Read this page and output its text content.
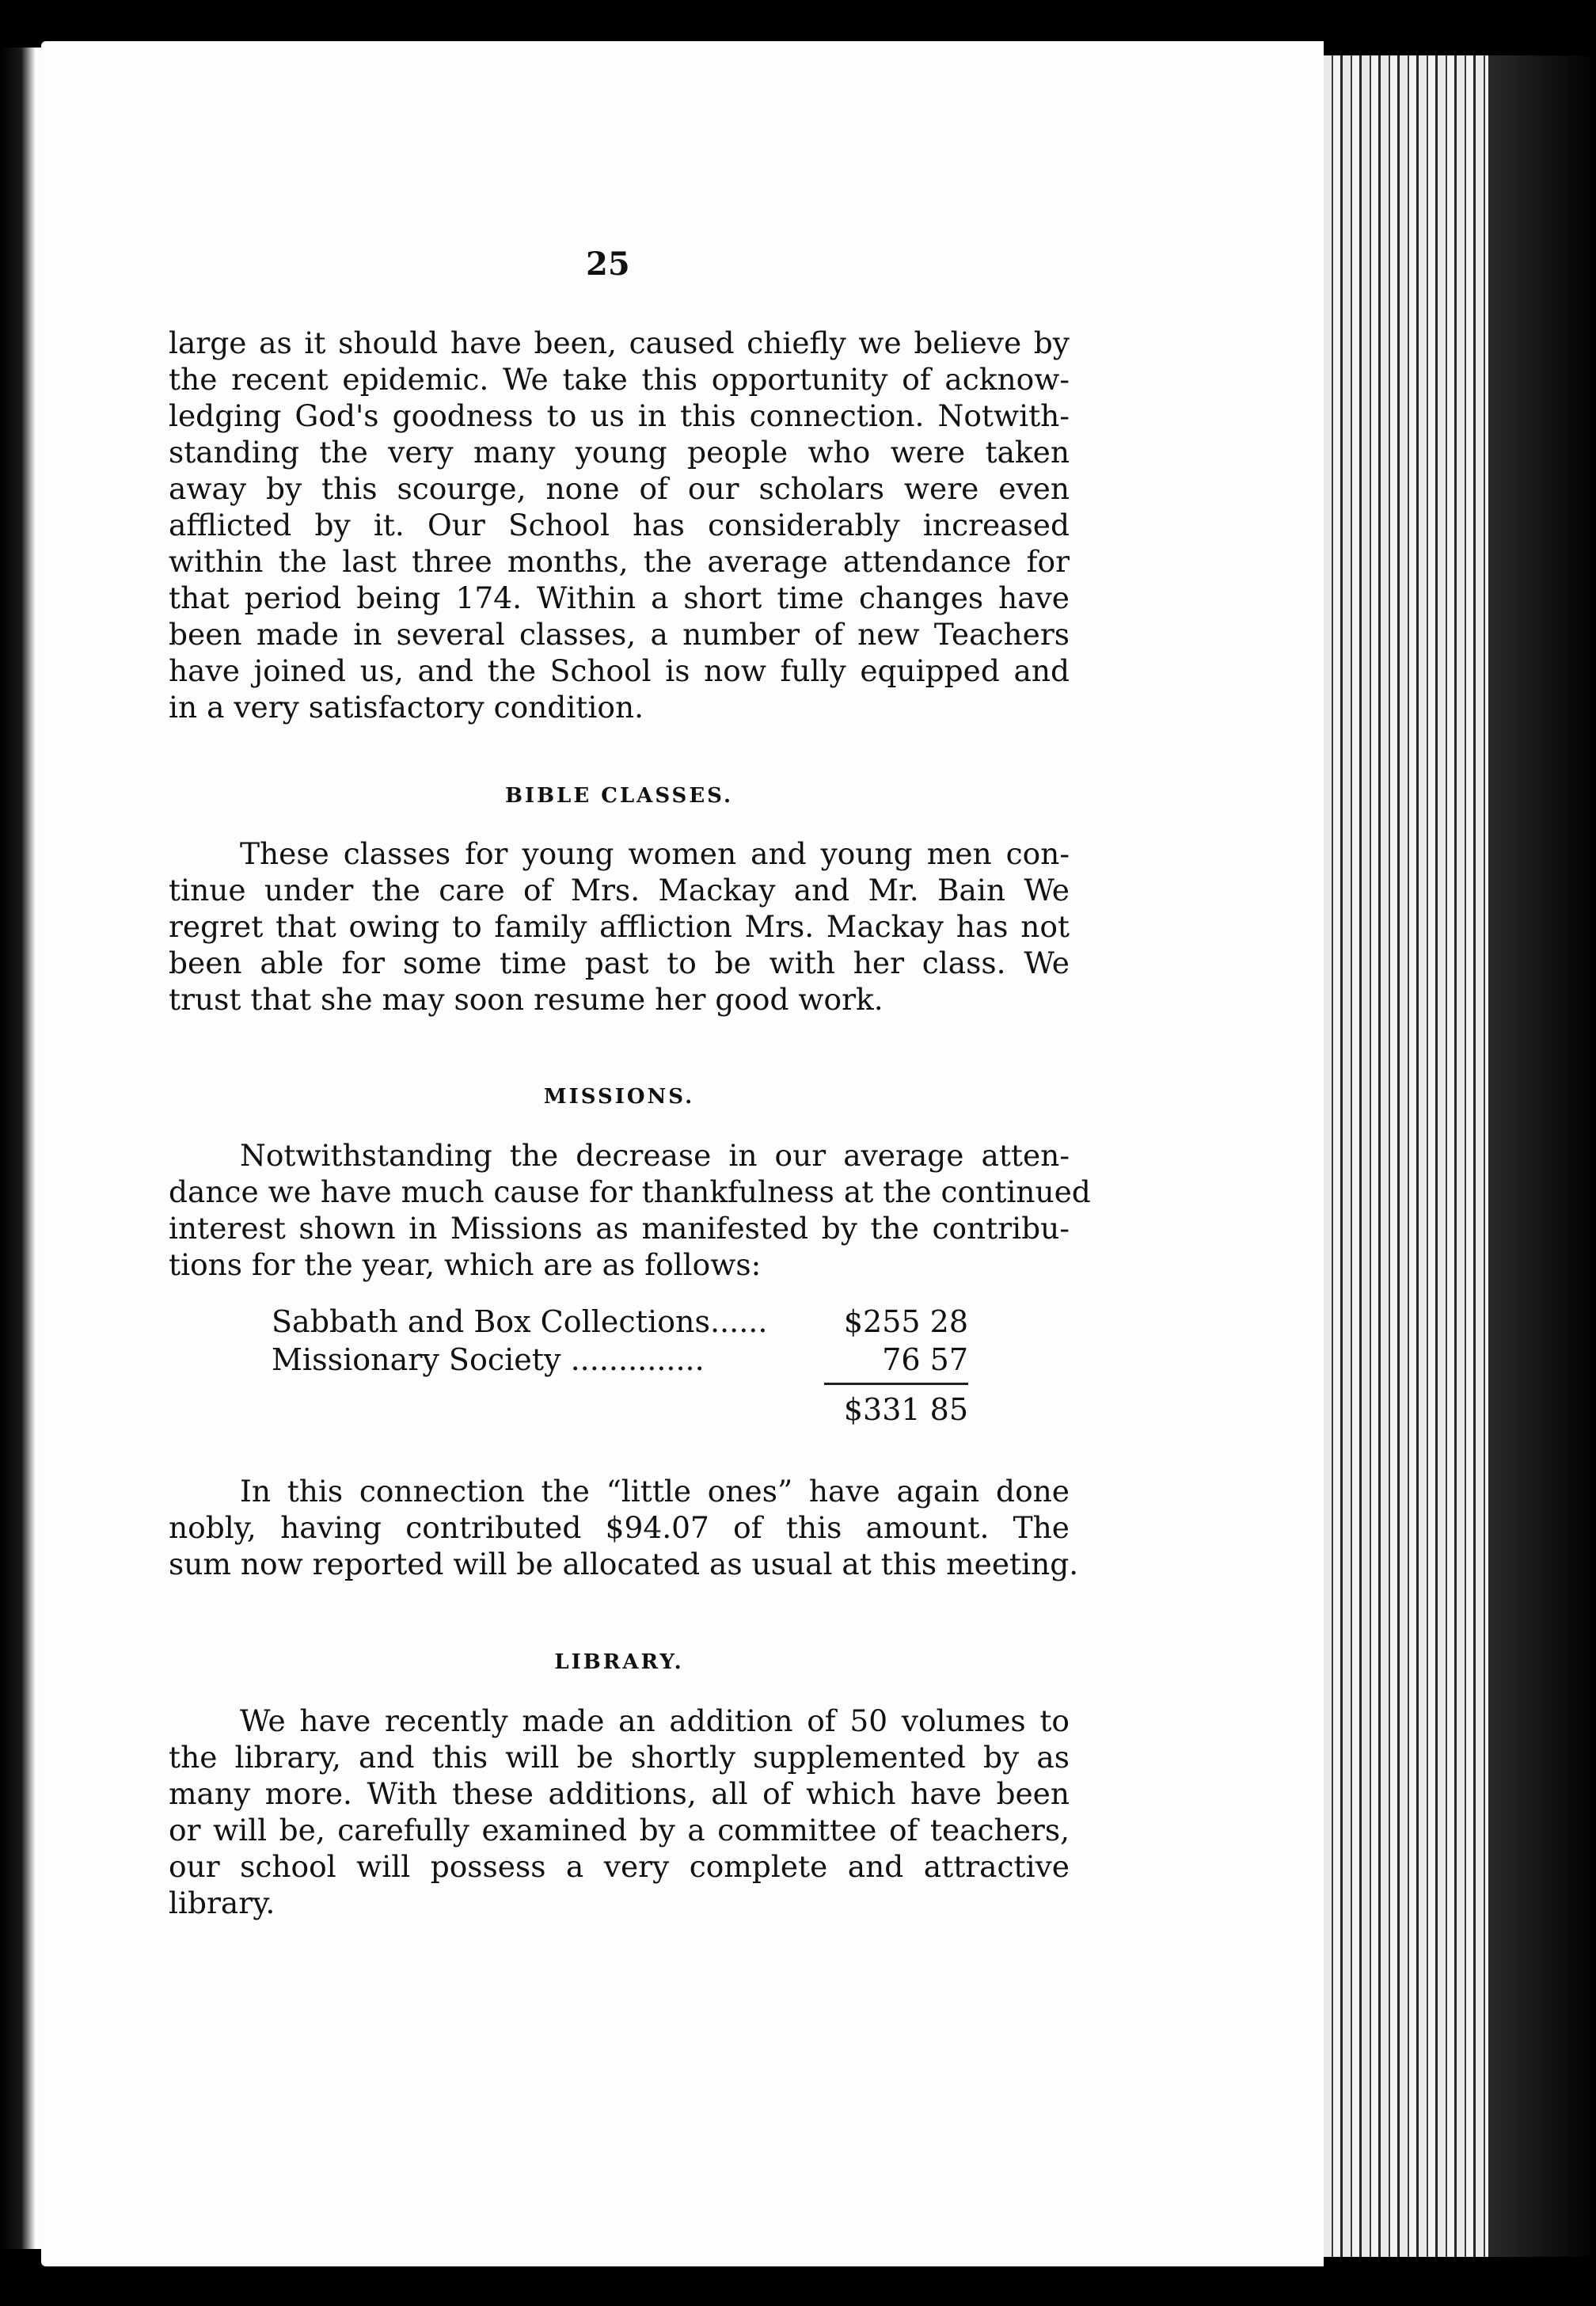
25
large as it should have been, caused chiefly we believe by
the recent epidemic. We take this opportunity of acknow-
ledging God's goodness to us in this connection. Notwith-
standing the very many young people who were taken
away by this scourge, none of our scholars were even
afflicted by it. Our School has considerably increased
within the last three months, the average attendance for
that period being 174. Within a short time changes have
been made in several classes, a number of new Teachers
have joined us, and the School is now fully equipped and
in a very satisfactory condition.
BIBLE CLASSES.
These classes for young women and young men con-
tinue under the care of Mrs. Mackay and Mr. Bain We
regret that owing to family affliction Mrs. Mackay has not
been able for some time past to be with her class. We
trust that she may soon resume her good work.
MISSIONS.
Notwithstanding the decrease in our average atten-
dance we have much cause for thankfulness at the continued
interest shown in Missions as manifested by the contribu-
tions for the year, which are as follows:
Sabbath and Box Collections......	$255 28
Missionary Society ..............	76 57
$331 85
In this connection the “little ones” have again done
nobly, having contributed $94.07 of this amount. The
sum now reported will be allocated as usual at this meeting.
LIBRARY.
We have recently made an addition of 50 volumes to
the library, and this will be shortly supplemented by as
many more. With these additions, all of which have been
or will be, carefully examined by a committee of teachers,
our school will possess a very complete and attractive
library.
